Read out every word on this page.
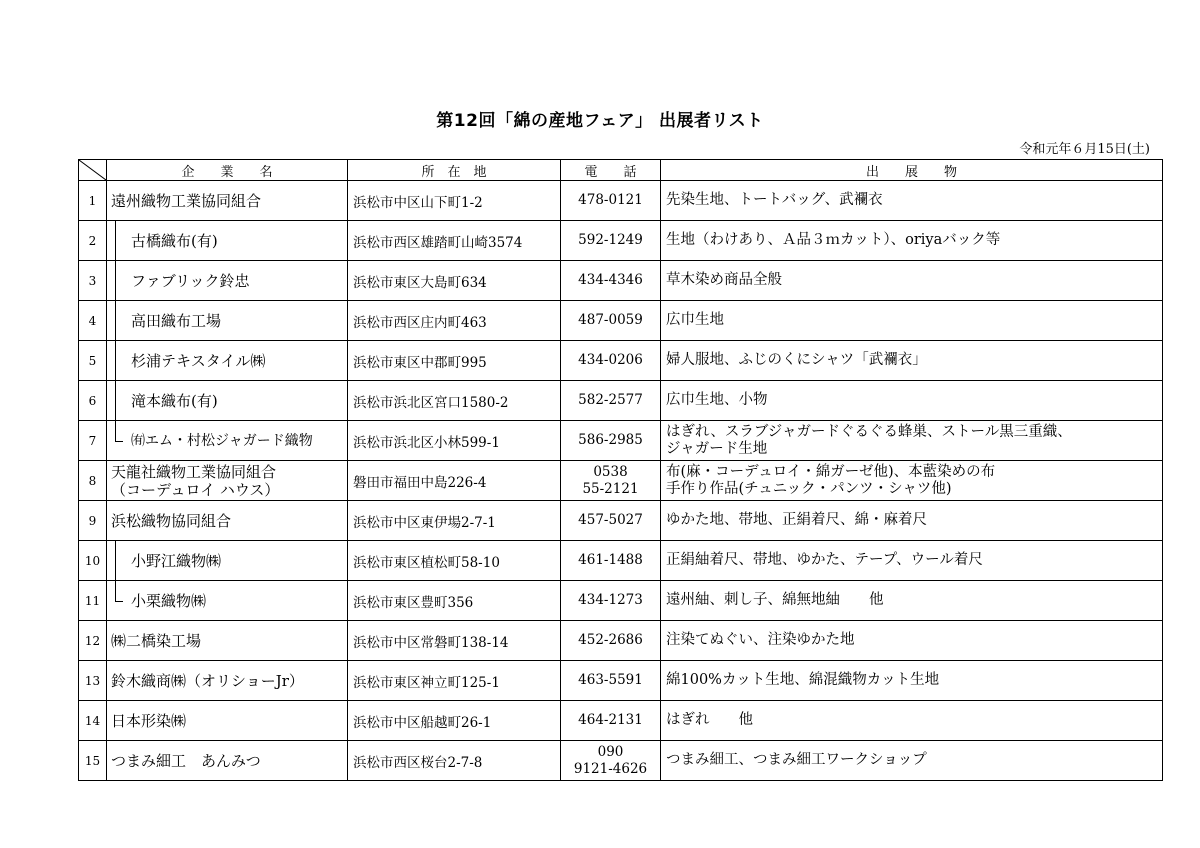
第12回「綿の産地フェア」 出展者リスト
令和元年６月15日(土)
	企　　業　　名	所　在　地	電　　話	出　　展　　物
1	遠州織物工業協同組合	浜松市中区山下町1-2	478-0121	先染生地、トートバッグ、武襴衣
2	古橋織布(有)	浜松市西区雄踏町山崎3574	592-1249	生地（わけあり、Ａ品３ｍカット）、oriyaバック等
3	ファブリック鈴忠	浜松市東区大島町634	434-4346	草木染め商品全般
4	高田織布工場	浜松市西区庄内町463	487-0059	広巾生地
5	杉浦テキスタイル㈱	浜松市東区中郡町995	434-0206	婦人服地、ふじのくにシャツ「武襴衣」
6	滝本織布(有)	浜松市浜北区宮口1580-2	582-2577	広巾生地、小物
7	㈲エム・村松ジャガード織物	浜松市浜北区小林599-1	586-2985	はぎれ、スラブジャガードぐるぐる蜂巣、ストール黒三重織、
ジャガード生地
8	天龍社織物工業協同組合
（コーデュロイ ハウス）	磐田市福田中島226-4	0538
55-2121	布(麻・コーデュロイ・綿ガーゼ他)、本藍染めの布
手作り作品(チュニック・パンツ・シャツ他)
9	浜松織物協同組合	浜松市中区東伊場2-7-1	457-5027	ゆかた地、帯地、正絹着尺、綿・麻着尺
10	小野江織物㈱	浜松市東区植松町58-10	461-1488	正絹紬着尺、帯地、ゆかた、テープ、ウール着尺
11	小栗織物㈱	浜松市東区豊町356	434-1273	遠州紬、刺し子、綿無地紬　　他
12	㈱二橋染工場	浜松市中区常磐町138-14	452-2686	注染てぬぐい、注染ゆかた地
13	鈴木織商㈱（オリショーJr）	浜松市東区神立町125-1	463-5591	綿100%カット生地、綿混織物カット生地
14	日本形染㈱	浜松市中区船越町26-1	464-2131	はぎれ　　他
15	つまみ細工　あんみつ	浜松市西区桜台2-7-8	090
9121-4626	つまみ細工、つまみ細工ワークショップ
